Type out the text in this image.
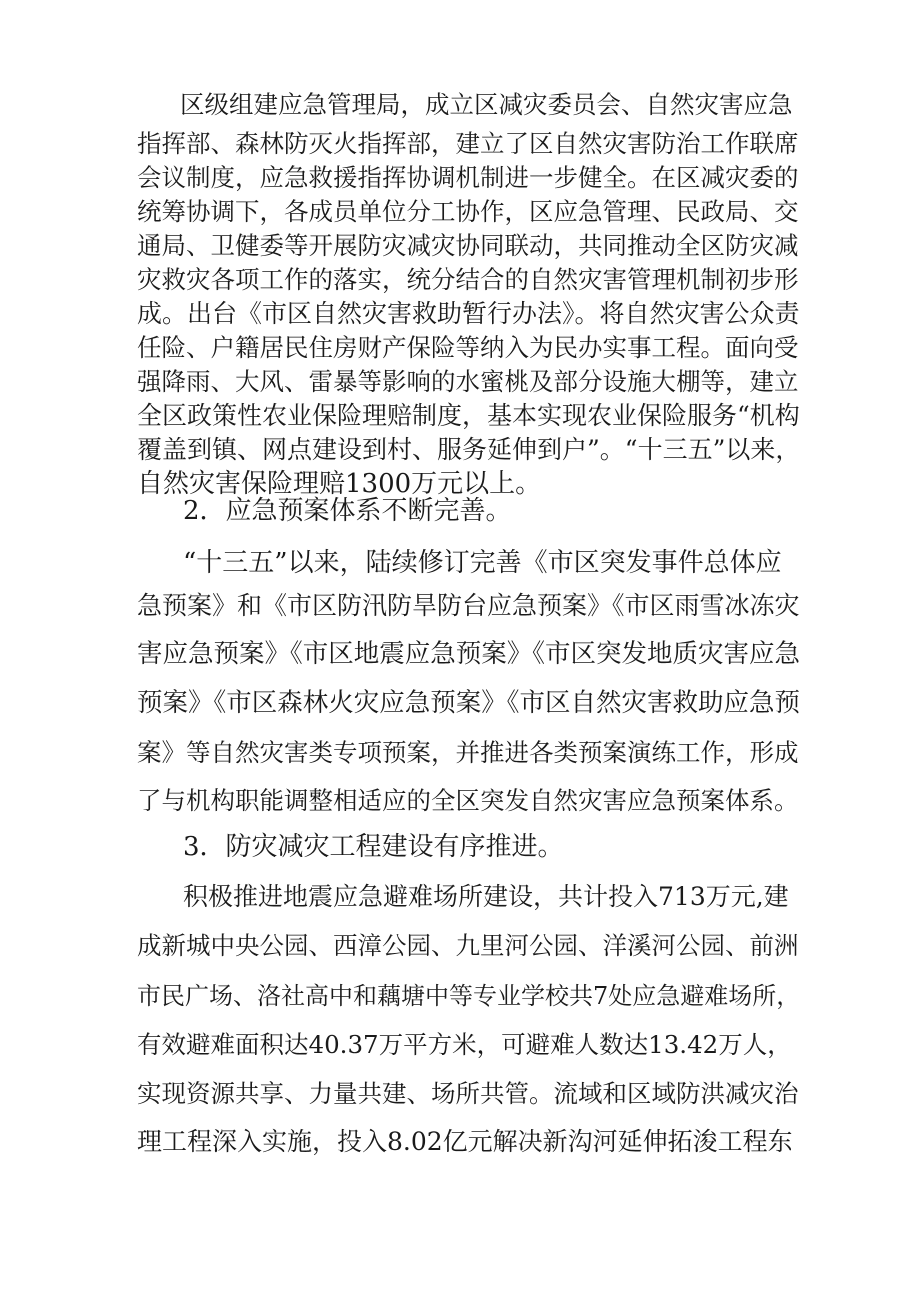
区级组建应急管理局，成立区减灾委员会、自然灾害应急
指挥部、森林防灭火指挥部，建立了区自然灾害防治工作联席
会议制度，应急救援指挥协调机制进一步健全。在区减灾委的
统筹协调下，各成员单位分工协作，区应急管理、民政局、交
通局、卫健委等开展防灾减灾协同联动，共同推动全区防灾减
灾救灾各项工作的落实，统分结合的自然灾害管理机制初步形
成。出台《市区自然灾害救助暂行办法》。将自然灾害公众责
任险、户籍居民住房财产保险等纳入为民办实事工程。面向受
强降雨、大风、雷暴等影响的水蜜桃及部分设施大棚等，建立
全区政策性农业保险理赔制度，基本实现农业保险服务“机构
覆盖到镇、网点建设到村、服务延伸到户”。“十三五”以来，
自然灾害保险理赔1300万元以上。
2．应急预案体系不断完善。
“十三五”以来，陆续修订完善《市区突发事件总体应
急预案》和《市区防汛防旱防台应急预案》《市区雨雪冰冻灾
害应急预案》《市区地震应急预案》《市区突发地质灾害应急
预案》《市区森林火灾应急预案》《市区自然灾害救助应急预
案》等自然灾害类专项预案，并推进各类预案演练工作，形成
了与机构职能调整相适应的全区突发自然灾害应急预案体系。
3．防灾减灾工程建设有序推进。
积极推进地震应急避难场所建设，共计投入713万元,建
成新城中央公园、西漳公园、九里河公园、洋溪河公园、前洲
市民广场、洛社高中和藕塘中等专业学校共7处应急避难场所，
有效避难面积达40.37万平方米，可避难人数达13.42万人，
实现资源共享、力量共建、场所共管。流域和区域防洪减灾治
理工程深入实施，投入8.02亿元解决新沟河延伸拓浚工程东
